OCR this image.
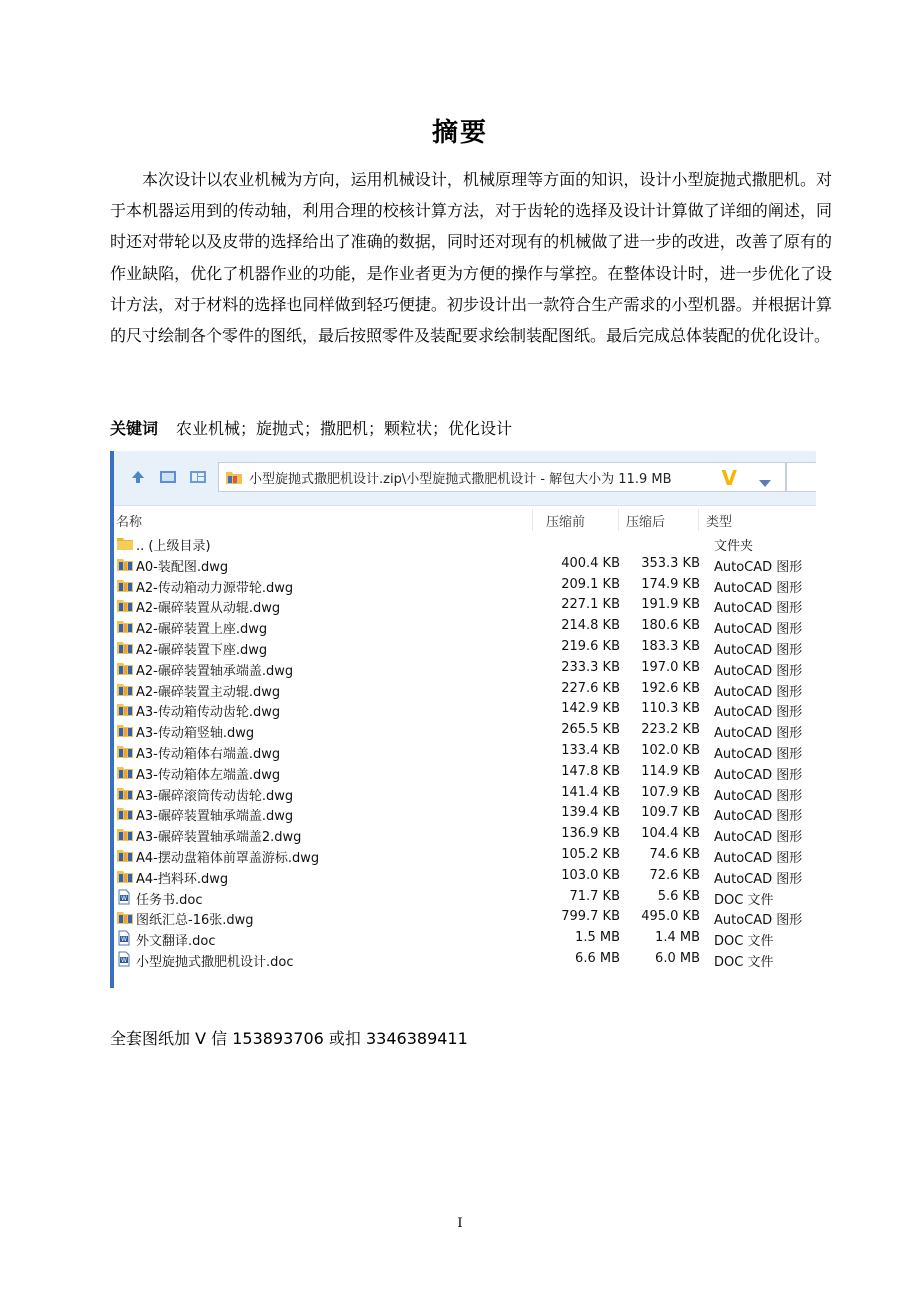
摘要

本次设计以农业机械为方向，运用机械设计，机械原理等方面的知识，设计小型旋抛式撒肥机。对于本机器运用到的传动轴，利用合理的校核计算方法，对于齿轮的选择及设计计算做了详细的阐述，同时还对带轮以及皮带的选择给出了准确的数据，同时还对现有的机械做了进一步的改进，改善了原有的作业缺陷，优化了机器作业的功能，是作业者更为方便的操作与掌控。在整体设计时，进一步优化了设计方法，对于材料的选择也同样做到轻巧便捷。初步设计出一款符合生产需求的小型机器。并根据计算的尺寸绘制各个零件的图纸，最后按照零件及装配要求绘制装配图纸。最后完成总体装配的优化设计。

关键词 农业机械；旋抛式；撒肥机；颗粒状；优化设计
小型旋抛式撒肥机设计.zip\小型旋抛式撒肥机设计 - 解包大小为 11.9 MB	V
名称	压缩前	压缩后	类型
.. (上级目录)	文件夹
A0-装配图.dwg	400.4 KB 353.3 KB AutoCAD 图形
A2-传动箱动力源带轮.dwg	209.1 KB 174.9 KB AutoCAD 图形
A2-碾碎装置从动辊.dwg	227.1 KB 191.9 KB AutoCAD 图形
A2-碾碎装置上座.dwg	214.8 KB 180.6 KB AutoCAD 图形
A2-碾碎装置下座.dwg	219.6 KB 183.3 KB AutoCAD 图形
A2-碾碎装置轴承端盖.dwg	233.3 KB 197.0 KB AutoCAD 图形
A2-碾碎装置主动辊.dwg	227.6 KB 192.6 KB AutoCAD 图形
A3-传动箱传动齿轮.dwg	142.9 KB 110.3 KB AutoCAD 图形
A3-传动箱竖轴.dwg	265.5 KB 223.2 KB AutoCAD 图形
A3-传动箱体右端盖.dwg	133.4 KB 102.0 KB AutoCAD 图形
A3-传动箱体左端盖.dwg	147.8 KB 114.9 KB AutoCAD 图形
A3-碾碎滚筒传动齿轮.dwg	141.4 KB 107.9 KB AutoCAD 图形
A3-碾碎装置轴承端盖.dwg	139.4 KB 109.7 KB AutoCAD 图形
A3-碾碎装置轴承端盖2.dwg	136.9 KB 104.4 KB AutoCAD 图形
A4-摆动盘箱体前罩盖游标.dwg	105.2 KB 74.6 KB AutoCAD 图形
A4-挡料环.dwg	103.0 KB 72.6 KB AutoCAD 图形
W 任务书.doc	71.7 KB	5.6 KB DOC 文件
图纸汇总-16张.dwg	799.7 KB 495.0 KB AutoCAD 图形
W 外文翻译.doc	1.5 MB	1.4 MB DOC 文件
W 小型旋抛式撒肥机设计.doc	6.6 MB	6.0 MB DOC 文件
全套图纸加 V 信 153893706 或扣 3346389411
I
